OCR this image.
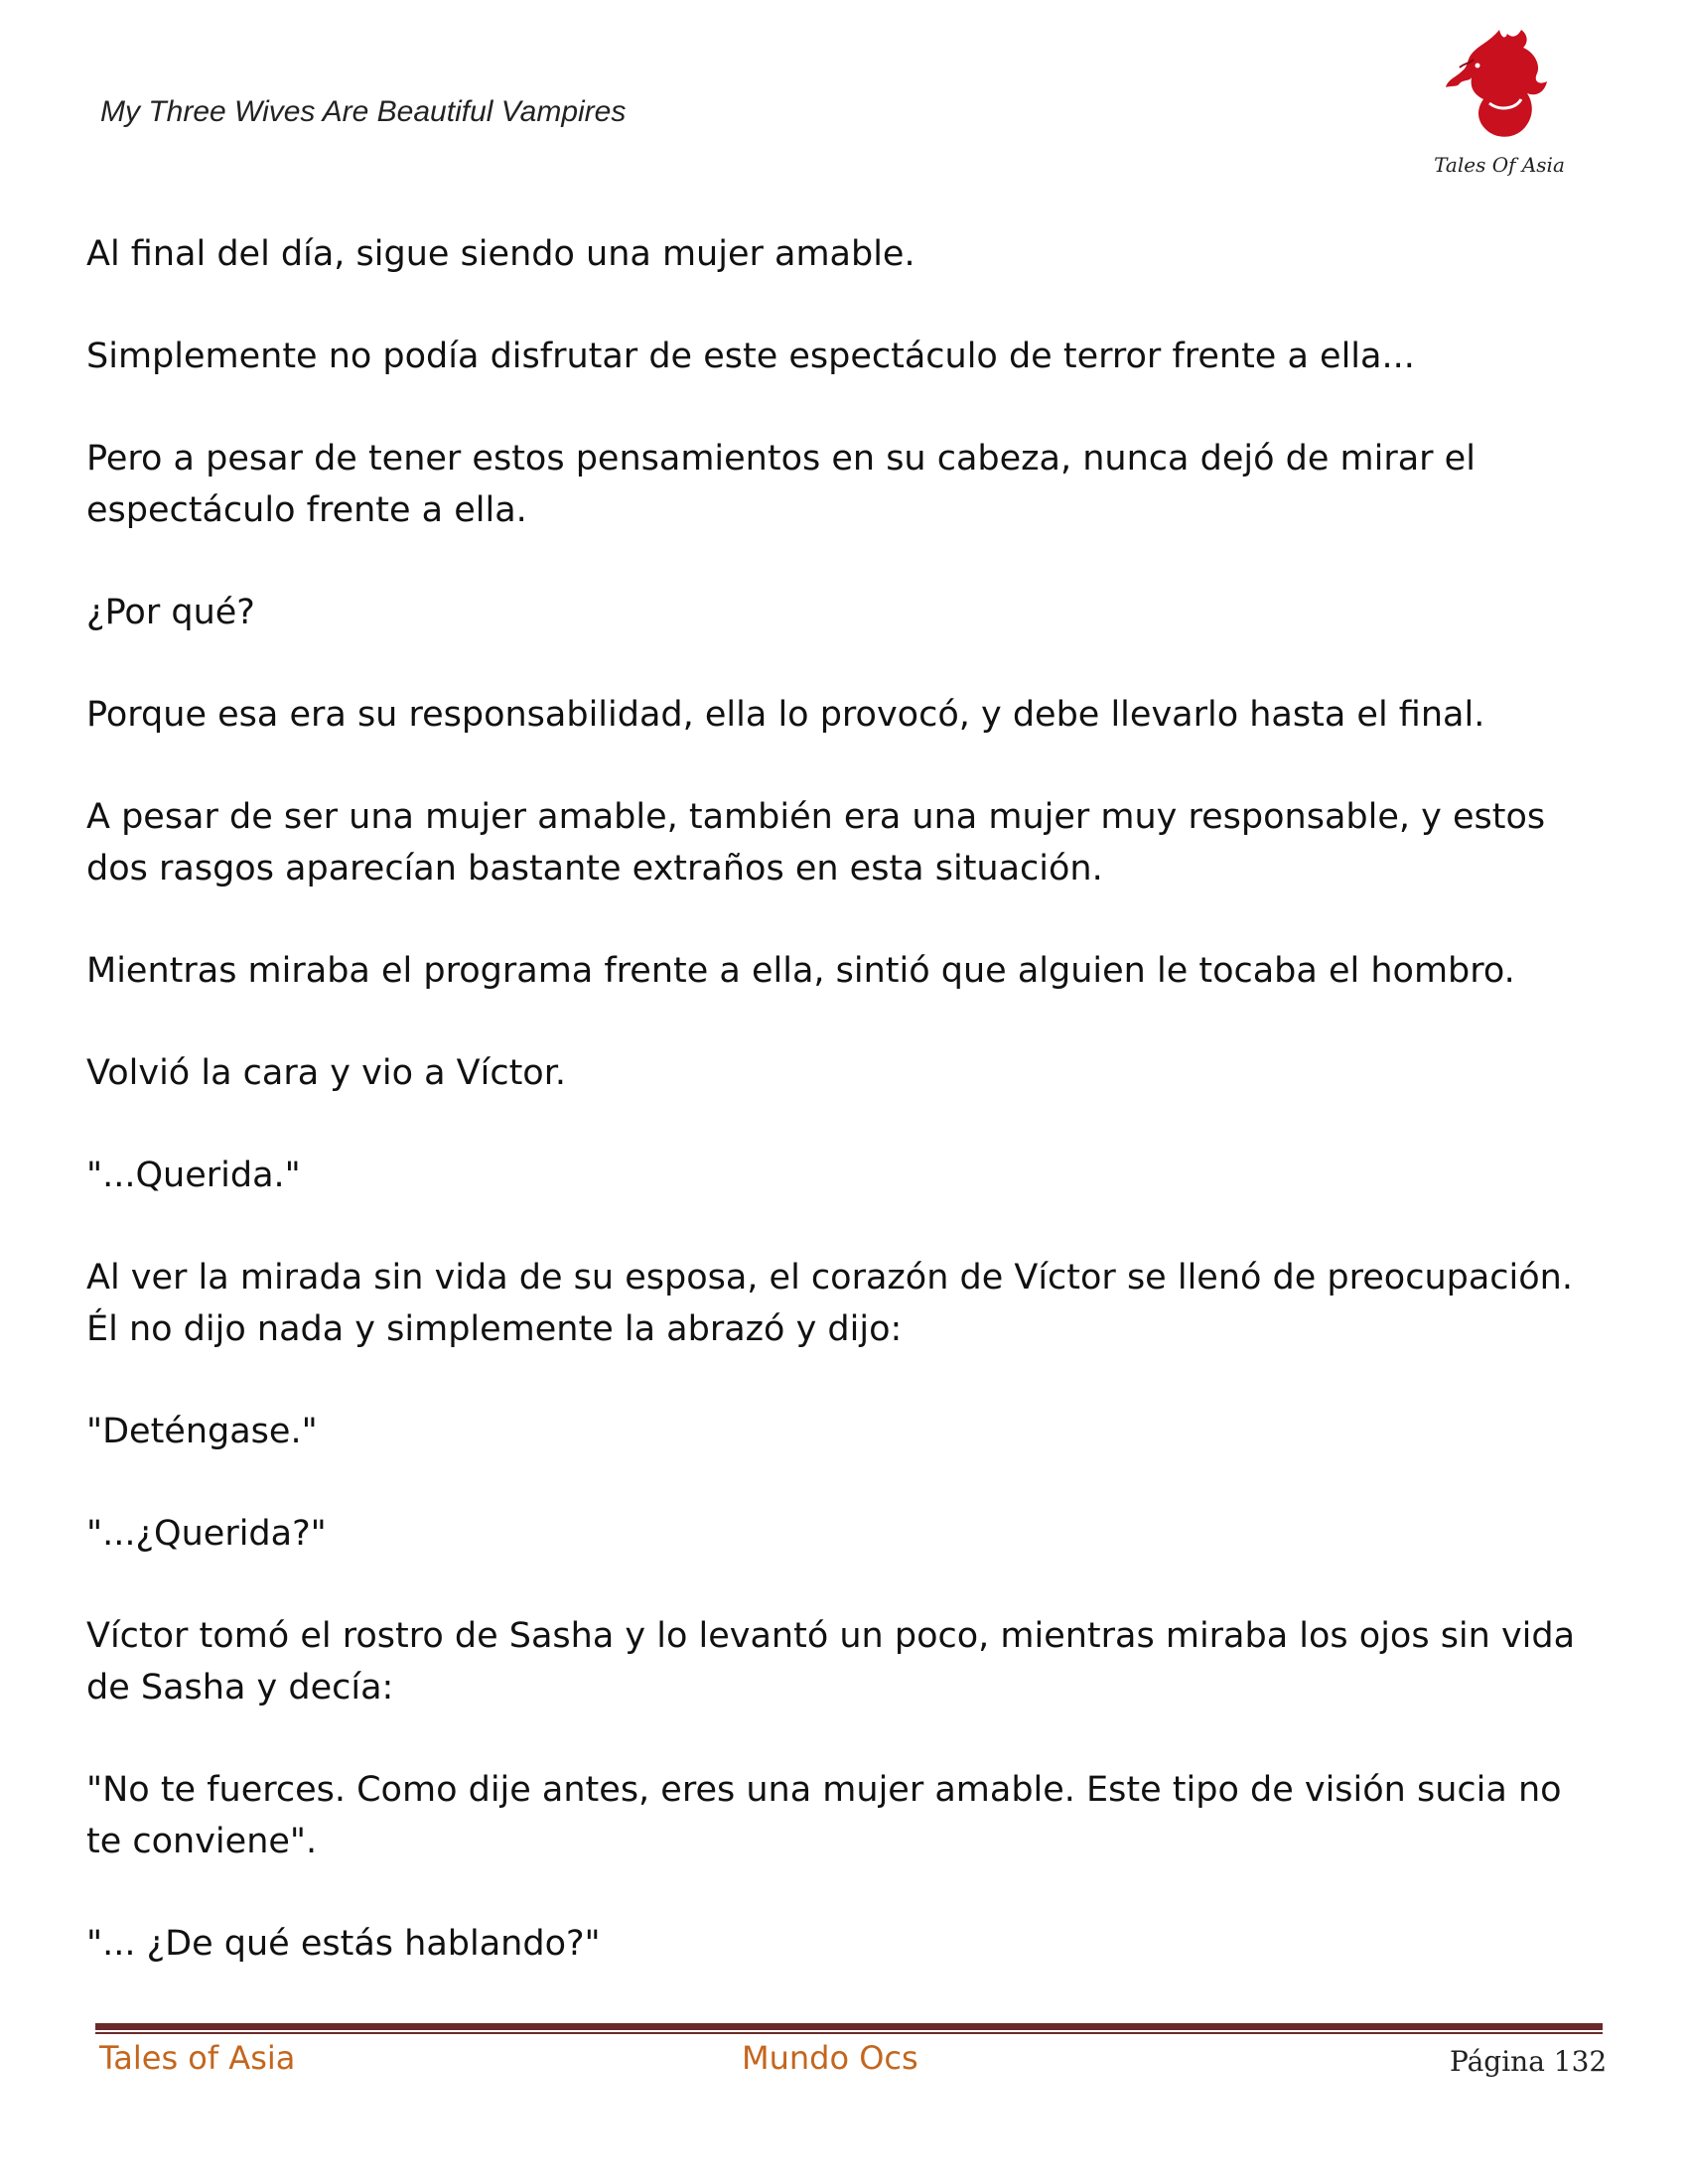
My Three Wives Are Beautiful Vampires
Tales Of Asia

Al final del día, sigue siendo una mujer amable.

Simplemente no podía disfrutar de este espectáculo de terror frente a ella...

Pero a pesar de tener estos pensamientos en su cabeza, nunca dejó de mirar el espectáculo frente a ella.

¿Por qué?

Porque esa era su responsabilidad, ella lo provocó, y debe llevarlo hasta el final.

A pesar de ser una mujer amable, también era una mujer muy responsable, y estos dos rasgos aparecían bastante extraños en esta situación.

Mientras miraba el programa frente a ella, sintió que alguien le tocaba el hombro.

Volvió la cara y vio a Víctor.

"...Querida."

Al ver la mirada sin vida de su esposa, el corazón de Víctor se llenó de preocupación. Él no dijo nada y simplemente la abrazó y dijo:

"Deténgase."

"...¿Querida?"

Víctor tomó el rostro de Sasha y lo levantó un poco, mientras miraba los ojos sin vida de Sasha y decía:

"No te fuerces. Como dije antes, eres una mujer amable. Este tipo de visión sucia no te conviene".

"... ¿De qué estás hablando?"

Tales of Asia	Mundo Ocs	Página 132
